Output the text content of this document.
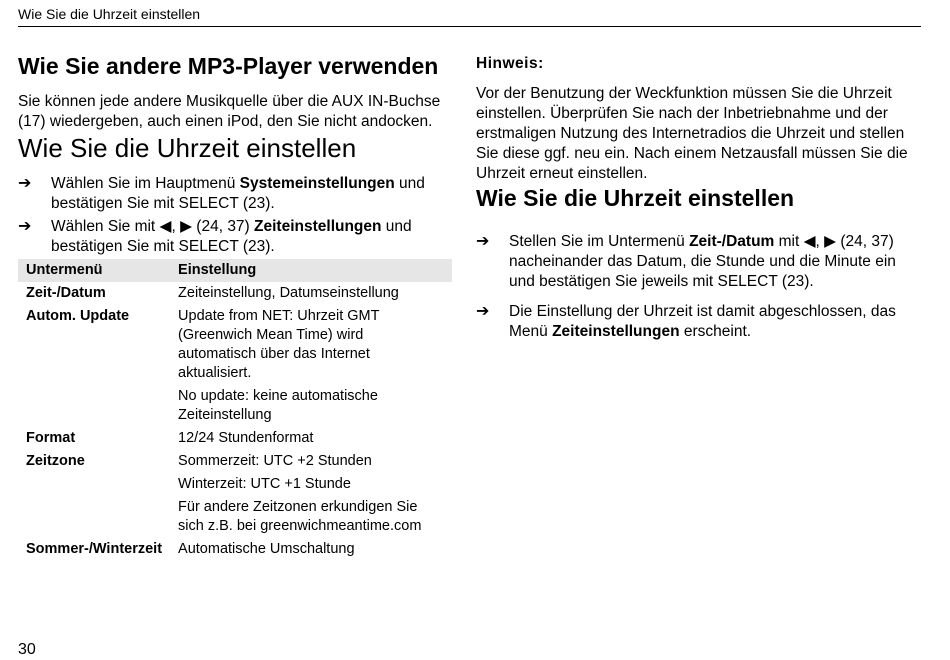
Wie Sie die Uhrzeit einstellen
Wie Sie andere MP3-Player verwenden

Sie können jede andere Musikquelle über die AUX IN-Buchse (17) wiedergeben, auch einen iPod, den Sie nicht andocken.

Wie Sie die Uhrzeit einstellen
➔ Wählen Sie im Hauptmenü Systemeinstellungen und bestätigen Sie mit SELECT (23).
➔ Wählen Sie mit ◀, ▶ (24, 37) Zeiteinstellungen und bestätigen Sie mit SELECT (23).
Untermenü	Einstellung
Zeit-/Datum	Zeiteinstellung, Datumseinstellung
Autom. Update	Update from NET: Uhrzeit GMT (Greenwich Mean Time) wird automatisch über das Internet aktualisiert.
	No update: keine automatische Zeiteinstellung
Format	12/24 Stundenformat
Zeitzone	Sommerzeit: UTC +2 Stunden
	Winterzeit: UTC +1 Stunde
	Für andere Zeitzonen erkundigen Sie sich z.B. bei greenwichmeantime.com
Sommer-/Winterzeit	Automatische Umschaltung
Hinweis:

Vor der Benutzung der Weckfunktion müssen Sie die Uhrzeit einstellen. Überprüfen Sie nach der Inbetriebnahme und der erstmaligen Nutzung des Internetradios die Uhrzeit und stellen Sie diese ggf. neu ein. Nach einem Netzausfall müssen Sie die Uhrzeit erneut einstellen.

Wie Sie die Uhrzeit einstellen
➔ Stellen Sie im Untermenü Zeit-/Datum mit ◀, ▶ (24, 37) nacheinander das Datum, die Stunde und die Minute ein und bestätigen Sie jeweils mit SELECT (23).
➔ Die Einstellung der Uhrzeit ist damit abgeschlossen, das Menü Zeiteinstellungen erscheint.
30
